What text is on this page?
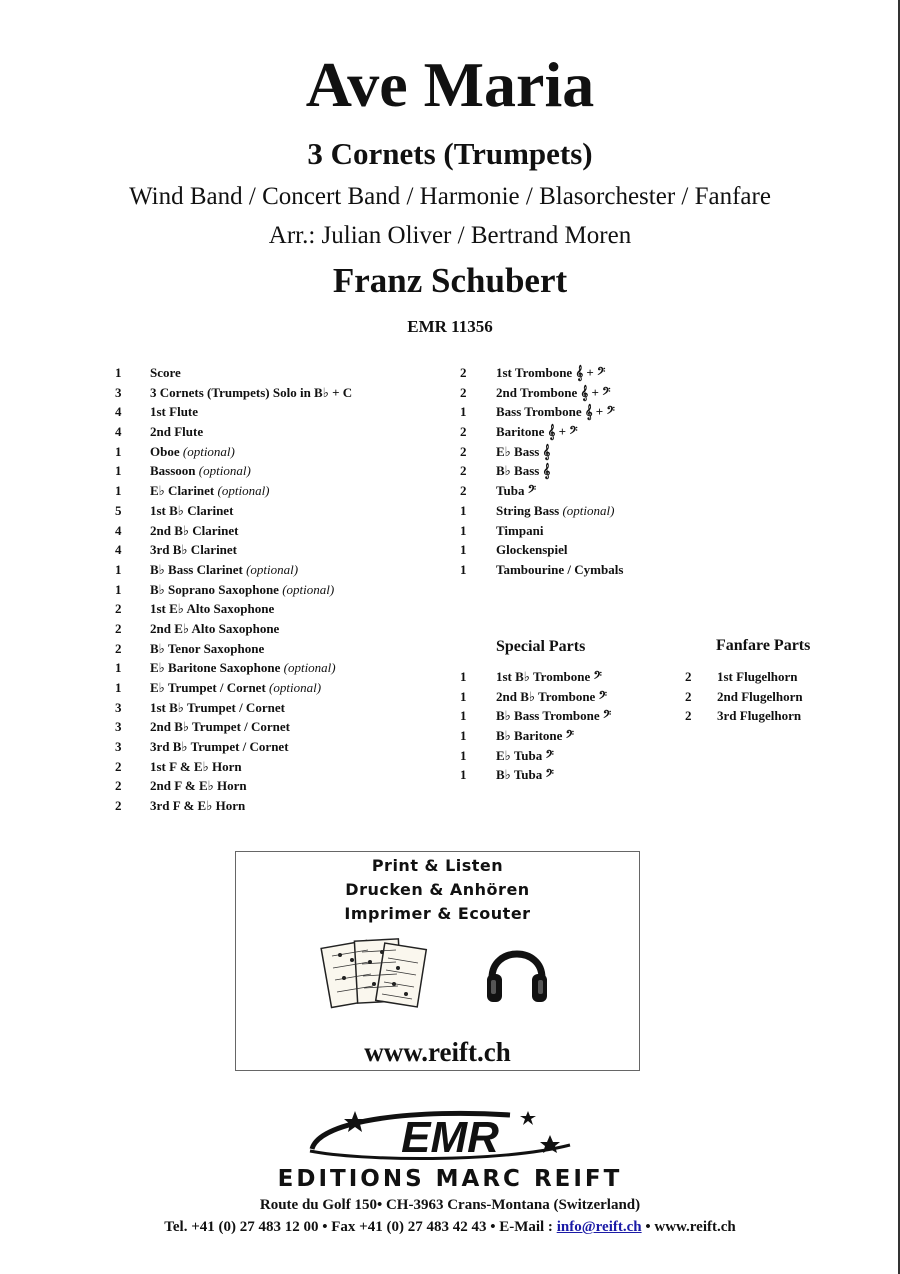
Ave Maria
3 Cornets (Trumpets)
Wind Band / Concert Band / Harmonie / Blasorchester / Fanfare
Arr.: Julian Oliver / Bertrand Moren
Franz Schubert
EMR 11356
1 Score
3 3 Cornets (Trumpets) Solo in B♭ + C
4 1st Flute
4 2nd Flute
1 Oboe (optional)
1 Bassoon (optional)
1 E♭ Clarinet (optional)
5 1st B♭ Clarinet
4 2nd B♭ Clarinet
4 3rd B♭ Clarinet
1 B♭ Bass Clarinet (optional)
1 B♭ Soprano Saxophone (optional)
2 1st E♭ Alto Saxophone
2 2nd E♭ Alto Saxophone
2 B♭ Tenor Saxophone
1 E♭ Baritone Saxophone (optional)
1 E♭ Trumpet / Cornet (optional)
3 1st B♭ Trumpet / Cornet
3 2nd B♭ Trumpet / Cornet
3 3rd B♭ Trumpet / Cornet
2 1st F & E♭ Horn
2 2nd F & E♭ Horn
2 3rd F & E♭ Horn
2 1st Trombone 𝄞 + 𝄢
2 2nd Trombone 𝄞 + 𝄢
1 Bass Trombone 𝄞 + 𝄢
2 Baritone 𝄞 + 𝄢
2 E♭ Bass 𝄞
2 B♭ Bass 𝄞
2 Tuba 𝄢
1 String Bass (optional)
1 Timpani
1 Glockenspiel
1 Tambourine / Cymbals
Special Parts	Fanfare Parts
1 1st B♭ Trombone 𝄢
1 2nd B♭ Trombone 𝄢
1 B♭ Bass Trombone 𝄢
1 B♭ Baritone 𝄢
1 E♭ Tuba 𝄢
1 B♭ Tuba 𝄢
2 1st Flugelhorn
2 2nd Flugelhorn
2 3rd Flugelhorn
Print & Listen
Drucken & Anhören
Imprimer & Ecouter
www.reift.ch
EMR
EDITIONS MARC REIFT
Route du Golf 150• CH-3963 Crans-Montana (Switzerland)
Tel. +41 (0) 27 483 12 00 • Fax +41 (0) 27 483 42 43 • E-Mail : info@reift.ch • www.reift.ch
